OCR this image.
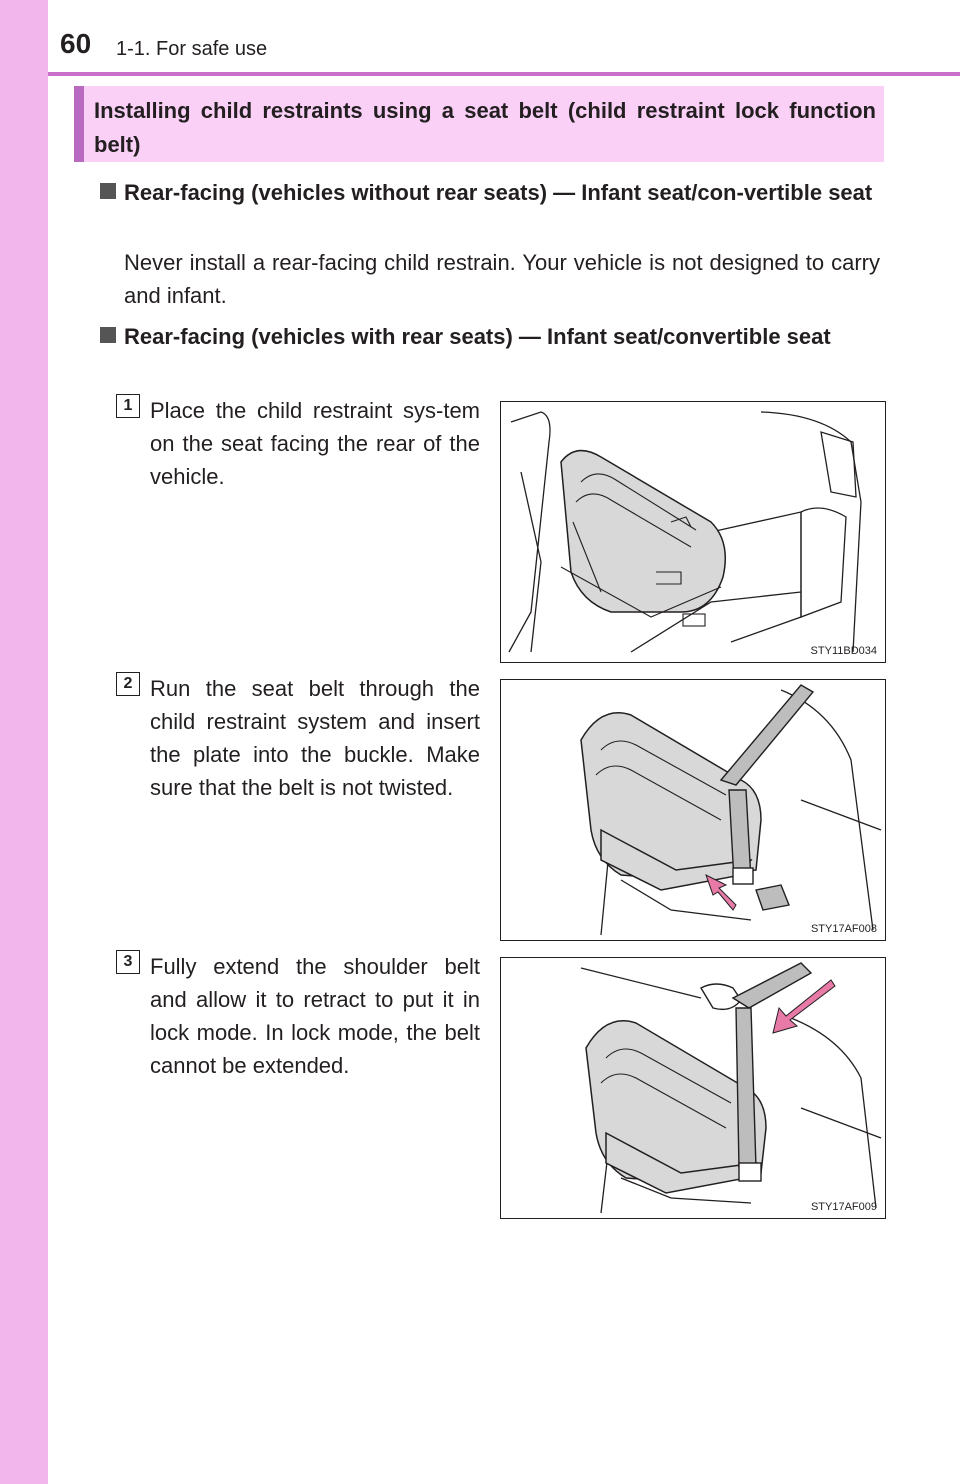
60 1-1. For safe use

Installing child restraints using a seat belt (child restraint lock function belt)

Rear-facing (vehicles without rear seats) — Infant seat/con-vertible seat

Never install a rear-facing child restrain. Your vehicle is not designed to carry and infant.

Rear-facing (vehicles with rear seats) — Infant seat/convertible seat
1 Place the child restraint sys-tem on the seat facing the rear of the vehicle.

STY11BD034
2 Run the seat belt through the child restraint system and insert the plate into the buckle. Make sure that the belt is not twisted.

STY17AF008
3 Fully extend the shoulder belt and allow it to retract to put it in lock mode. In lock mode, the belt cannot be extended.

STY17AF009
